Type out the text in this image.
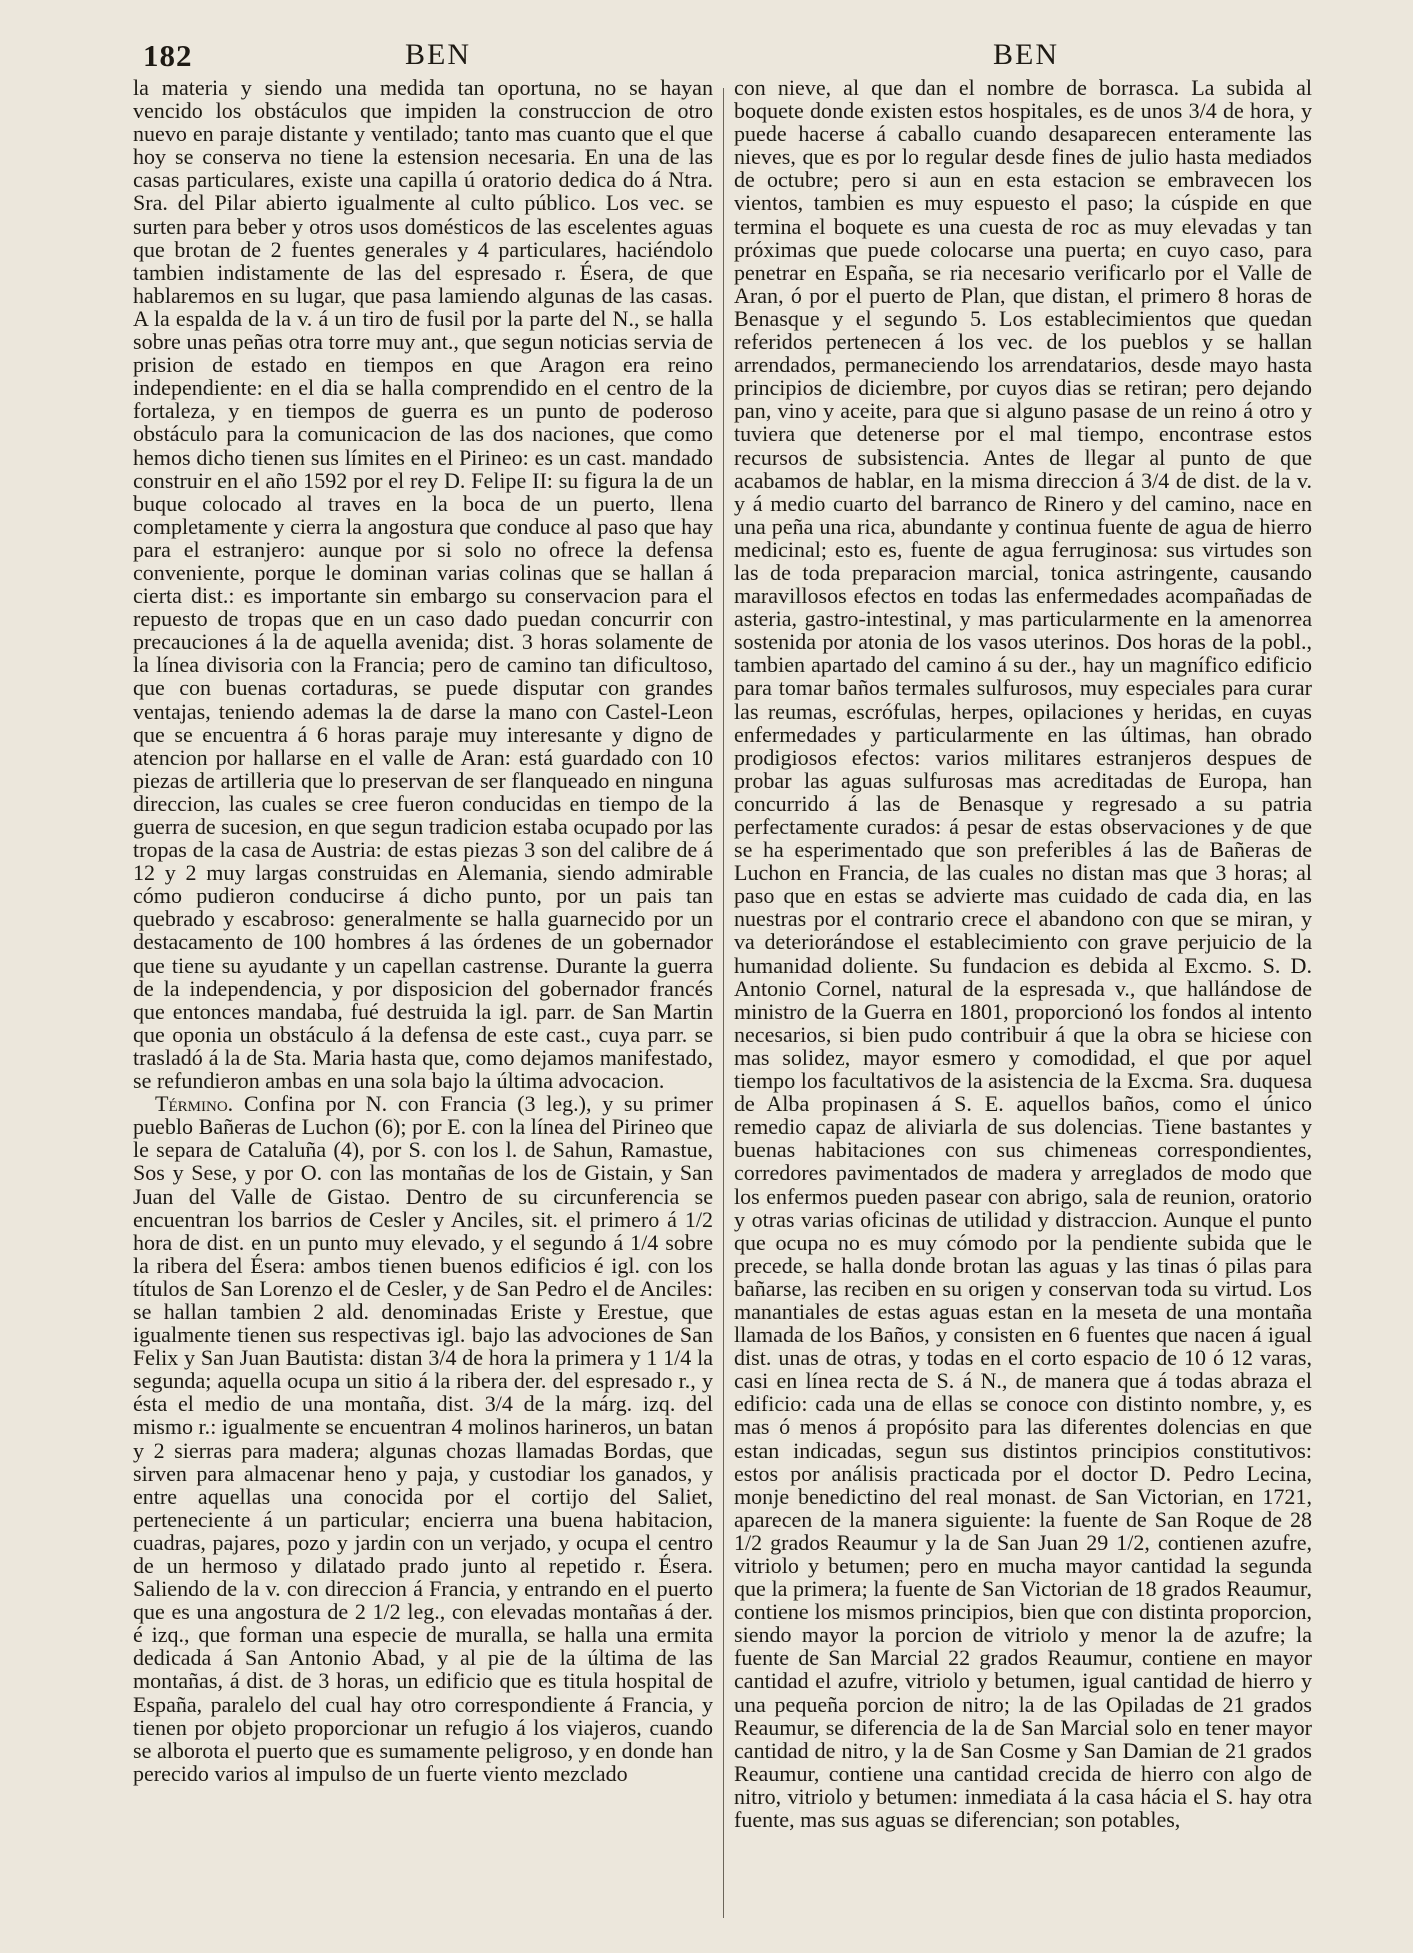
182	BEN	BEN

la materia y siendo una medida tan oportuna, no se hayan vencido los obstáculos que impiden la construccion de otro nuevo en paraje distante y ventilado; tanto mas cuanto que el que hoy se conserva no tiene la estension necesaria. En una de las casas particulares, existe una capilla ú oratorio dedica do á Ntra. Sra. del Pilar abierto igualmente al culto público. Los vec. se surten para beber y otros usos domésticos de las escelentes aguas que brotan de 2 fuentes generales y 4 particulares, haciéndolo tambien indistamente de las del espresado r. Ésera, de que hablaremos en su lugar, que pasa lamiendo algunas de las casas. A la espalda de la v. á un tiro de fusil por la parte del N., se halla sobre unas peñas otra torre muy ant., que segun noticias servia de prision de estado en tiempos en que Aragon era reino independiente: en el dia se halla comprendido en el centro de la fortaleza, y en tiempos de guerra es un punto de poderoso obstáculo para la comunicacion de las dos naciones, que como hemos dicho tienen sus límites en el Pirineo: es un cast. mandado construir en el año 1592 por el rey D. Felipe II: su figura la de un buque colocado al traves en la boca de un puerto, llena completamente y cierra la angostura que conduce al paso que hay para el estranjero: aunque por si solo no ofrece la defensa conveniente, porque le dominan varias colinas que se hallan á cierta dist.: es importante sin embargo su conservacion para el repuesto de tropas que en un caso dado puedan concurrir con precauciones á la de aquella avenida; dist. 3 horas solamente de la línea divisoria con la Francia; pero de camino tan dificultoso, que con buenas cortaduras, se puede disputar con grandes ventajas, teniendo ademas la de darse la mano con Castel-Leon que se encuentra á 6 horas paraje muy interesante y digno de atencion por hallarse en el valle de Aran: está guardado con 10 piezas de artilleria que lo preservan de ser flanqueado en ninguna direccion, las cuales se cree fueron conducidas en tiempo de la guerra de sucesion, en que segun tradicion estaba ocupado por las tropas de la casa de Austria: de estas piezas 3 son del calibre de á 12 y 2 muy largas construidas en Alemania, siendo admirable cómo pudieron conducirse á dicho punto, por un pais tan quebrado y escabroso: generalmente se halla guarnecido por un destacamento de 100 hombres á las órdenes de un gobernador que tiene su ayudante y un capellan castrense. Durante la guerra de la independencia, y por disposicion del gobernador francés que entonces mandaba, fué destruida la igl. parr. de San Martin que oponia un obstáculo á la defensa de este cast., cuya parr. se trasladó á la de Sta. Maria hasta que, como dejamos manifestado, se refundieron ambas en una sola bajo la última advocacion.

 Término. Confina por N. con Francia (3 leg.), y su primer pueblo Bañeras de Luchon (6); por E. con la línea del Pirineo que le separa de Cataluña (4), por S. con los l. de Sahun, Ramastue, Sos y Sese, y por O. con las montañas de los de Gistain, y San Juan del Valle de Gistao. Dentro de su circunferencia se encuentran los barrios de Cesler y Anciles, sit. el primero á 1/2 hora de dist. en un punto muy elevado, y el segundo á 1/4 sobre la ribera del Ésera: ambos tienen buenos edificios é igl. con los títulos de San Lorenzo el de Cesler, y de San Pedro el de Anciles: se hallan tambien 2 ald. denominadas Eriste y Erestue, que igualmente tienen sus respectivas igl. bajo las advociones de San Felix y San Juan Bautista: distan 3/4 de hora la primera y 1 1/4 la segunda; aquella ocupa un sitio á la ribera der. del espresado r., y ésta el medio de una montaña, dist. 3/4 de la márg. izq. del mismo r.: igualmente se encuentran 4 molinos harineros, un batan y 2 sierras para madera; algunas chozas llamadas Bordas, que sirven para almacenar heno y paja, y custodiar los ganados, y entre aquellas una conocida por el cortijo del Saliet, perteneciente á un particular; encierra una buena habitacion, cuadras, pajares, pozo y jardin con un verjado, y ocupa el centro de un hermoso y dilatado prado junto al repetido r. Ésera. Saliendo de la v. con direccion á Francia, y entrando en el puerto que es una angostura de 2 1/2 leg., con elevadas montañas á der. é izq., que forman una especie de muralla, se halla una ermita dedicada á San Antonio Abad, y al pie de la última de las montañas, á dist. de 3 horas, un edificio que es titula hospital de España, paralelo del cual hay otro correspondiente á Francia, y tienen por objeto proporcionar un refugio á los viajeros, cuando se alborota el puerto que es sumamente peligroso, y en donde han perecido varios al impulso de un fuerte viento mezclado

con nieve, al que dan el nombre de borrasca. La subida al boquete donde existen estos hospitales, es de unos 3/4 de hora, y puede hacerse á caballo cuando desaparecen enteramente las nieves, que es por lo regular desde fines de julio hasta mediados de octubre; pero si aun en esta estacion se embravecen los vientos, tambien es muy espuesto el paso; la cúspide en que termina el boquete es una cuesta de roc as muy elevadas y tan próximas que puede colocarse una puerta; en cuyo caso, para penetrar en España, se ria necesario verificarlo por el Valle de Aran, ó por el puerto de Plan, que distan, el primero 8 horas de Benasque y el segundo 5. Los establecimientos que quedan referidos pertenecen á los vec. de los pueblos y se hallan arrendados, permaneciendo los arrendatarios, desde mayo hasta principios de diciembre, por cuyos dias se retiran; pero dejando pan, vino y aceite, para que si alguno pasase de un reino á otro y tuviera que detenerse por el mal tiempo, encontrase estos recursos de subsistencia. Antes de llegar al punto de que acabamos de hablar, en la misma direccion á 3/4 de dist. de la v. y á medio cuarto del barranco de Rinero y del camino, nace en una peña una rica, abundante y continua fuente de agua de hierro medicinal; esto es, fuente de agua ferruginosa: sus virtudes son las de toda preparacion marcial, tonica astringente, causando maravillosos efectos en todas las enfermedades acompañadas de asteria, gastro-intestinal, y mas particularmente en la amenorrea sostenida por atonia de los vasos uterinos. Dos horas de la pobl., tambien apartado del camino á su der., hay un magnífico edificio para tomar baños termales sulfurosos, muy especiales para curar las reumas, escrófulas, herpes, opilaciones y heridas, en cuyas enfermedades y particularmente en las últimas, han obrado prodigiosos efectos: varios militares estranjeros despues de probar las aguas sulfurosas mas acreditadas de Europa, han concurrido á las de Benasque y regresado a su patria perfectamente curados: á pesar de estas observaciones y de que se ha esperimentado que son preferibles á las de Bañeras de Luchon en Francia, de las cuales no distan mas que 3 horas; al paso que en estas se advierte mas cuidado de cada dia, en las nuestras por el contrario crece el abandono con que se miran, y va deteriorándose el establecimiento con grave perjuicio de la humanidad doliente. Su fundacion es debida al Excmo. S. D. Antonio Cornel, natural de la espresada v., que hallándose de ministro de la Guerra en 1801, proporcionó los fondos al intento necesarios, si bien pudo contribuir á que la obra se hiciese con mas solidez, mayor esmero y comodidad, el que por aquel tiempo los facultativos de la asistencia de la Excma. Sra. duquesa de Alba propinasen á S. E. aquellos baños, como el único remedio capaz de aliviarla de sus dolencias. Tiene bastantes y buenas habitaciones con sus chimeneas correspondientes, corredores pavimentados de madera y arreglados de modo que los enfermos pueden pasear con abrigo, sala de reunion, oratorio y otras varias oficinas de utilidad y distraccion. Aunque el punto que ocupa no es muy cómodo por la pendiente subida que le precede, se halla donde brotan las aguas y las tinas ó pilas para bañarse, las reciben en su origen y conservan toda su virtud. Los manantiales de estas aguas estan en la meseta de una montaña llamada de los Baños, y consisten en 6 fuentes que nacen á igual dist. unas de otras, y todas en el corto espacio de 10 ó 12 varas, casi en línea recta de S. á N., de manera que á todas abraza el edificio: cada una de ellas se conoce con distinto nombre, y, es mas ó menos á propósito para las diferentes dolencias en que estan indicadas, segun sus distintos principios constitutivos: estos por análisis practicada por el doctor D. Pedro Lecina, monje benedictino del real monast. de San Victorian, en 1721, aparecen de la manera siguiente: la fuente de San Roque de 28 1/2 grados Reaumur y la de San Juan 29 1/2, contienen azufre, vitriolo y betumen; pero en mucha mayor cantidad la segunda que la primera; la fuente de San Victorian de 18 grados Reaumur, contiene los mismos principios, bien que con distinta proporcion, siendo mayor la porcion de vitriolo y menor la de azufre; la fuente de San Marcial 22 grados Reaumur, contiene en mayor cantidad el azufre, vitriolo y betumen, igual cantidad de hierro y una pequeña porcion de nitro; la de las Opiladas de 21 grados Reaumur, se diferencia de la de San Marcial solo en tener mayor cantidad de nitro, y la de San Cosme y San Damian de 21 grados Reaumur, contiene una cantidad crecida de hierro con algo de nitro, vitriolo y betumen: inmediata á la casa hácia el S. hay otra fuente, mas sus aguas se diferencian; son potables,
